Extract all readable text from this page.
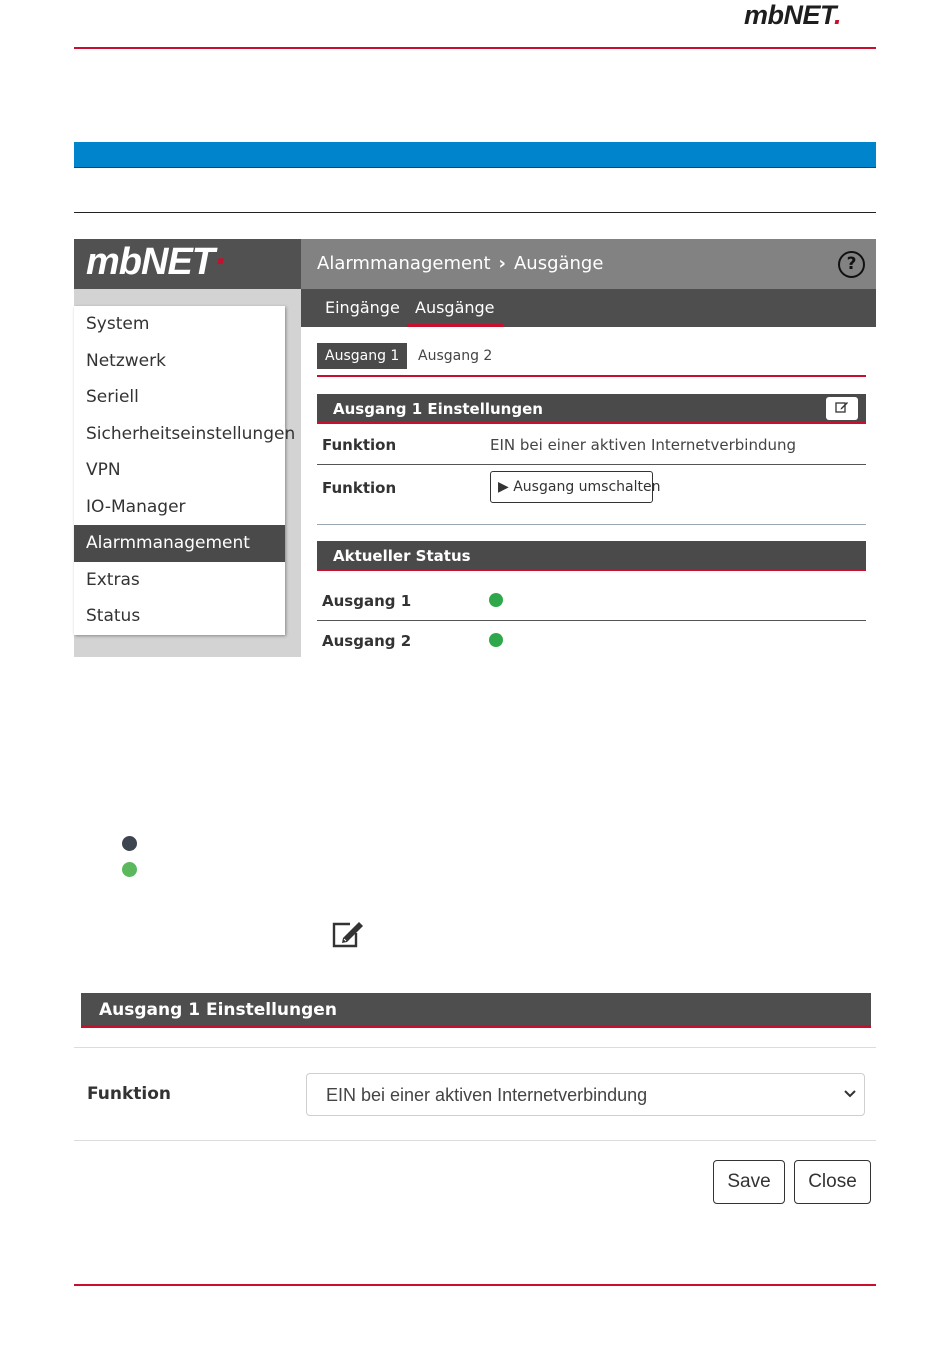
mbNET.
mbNET·
System
Netzwerk
Seriell
Sicherheitseinstellungen
VPN
IO-Manager
Alarmmanagement
Extras
Status
Alarmmanagement › Ausgänge	?
Eingänge Ausgänge
Ausgang 1	Ausgang 2
Ausgang 1 Einstellungen
Funktion	EIN bei einer aktiven Internetverbindung
Funktion	▶ Ausgang umschalten
Aktueller Status
Ausgang 1
Ausgang 2
Ausgang 1 Einstellungen
Funktion	EIN bei einer aktiven Internetverbindung
Save	Close
